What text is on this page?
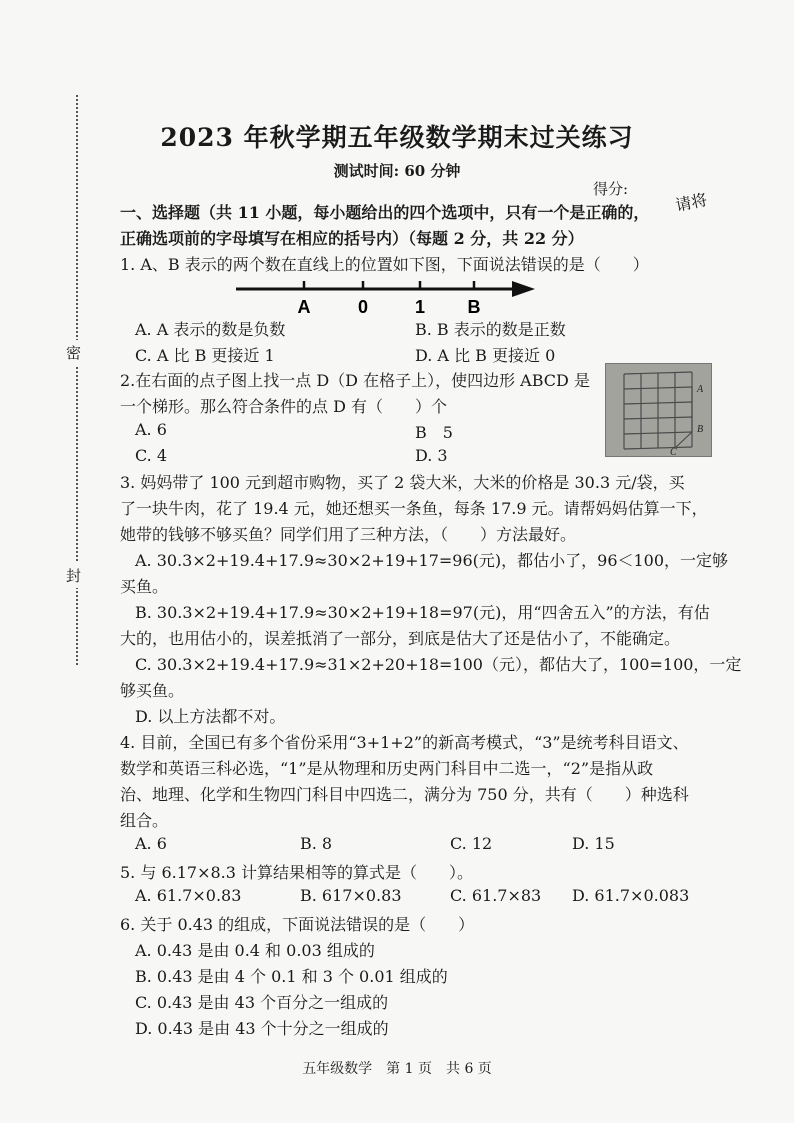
密
封
2023 年秋学期五年级数学期末过关练习
测试时间: 60 分钟
得分:
请将
一、选择题（共 11 小题，每小题给出的四个选项中，只有一个是正确的，
正确选项前的字母填写在相应的括号内）（每题 2 分，共 22 分）
1. A、B 表示的两个数在直线上的位置如下图，下面说法错误的是（　　）
A	0	1 B
A. A 表示的数是负数	B. B 表示的数是正数
C. A 比 B 更接近 1	D. A 比 B 更接近 0
2.在右面的点子图上找一点 D（D 在格子上），使四边形 ABCD 是
一个梯形。那么符合条件的点 D 有（　　）个
A. 6	B　5
C. 4	D. 3
A
B
C
3. 妈妈带了 100 元到超市购物，买了 2 袋大米，大米的价格是 30.3 元/袋，买
了一块牛肉，花了 19.4 元，她还想买一条鱼，每条 17.9 元。请帮妈妈估算一下，
她带的钱够不够买鱼？同学们用了三种方法，（　　）方法最好。
A. 30.3×2+19.4+17.9≈30×2+19+17=96(元)，都估小了，96＜100，一定够
买鱼。
B. 30.3×2+19.4+17.9≈30×2+19+18=97(元)，用“四舍五入”的方法，有估
大的，也用估小的，误差抵消了一部分，到底是估大了还是估小了，不能确定。
C. 30.3×2+19.4+17.9≈31×2+20+18=100（元），都估大了，100=100，一定
够买鱼。
D. 以上方法都不对。
4. 目前，全国已有多个省份采用“3+1+2”的新高考模式，“3”是统考科目语文、
数学和英语三科必选，“1”是从物理和历史两门科目中二选一，“2”是指从政
治、地理、化学和生物四门科目中四选二，满分为 750 分，共有（　　）种选科
组合。
A. 6	B. 8	C. 12	D. 15
5. 与 6.17×8.3 计算结果相等的算式是（　　）。
A. 61.7×0.83	B. 617×0.83	C. 61.7×83 D. 61.7×0.083
6. 关于 0.43 的组成，下面说法错误的是（　　）
A. 0.43 是由 0.4 和 0.03 组成的
B. 0.43 是由 4 个 0.1 和 3 个 0.01 组成的
C. 0.43 是由 43 个百分之一组成的
D. 0.43 是由 43 个十分之一组成的
五年级数学　第 1 页　共 6 页
